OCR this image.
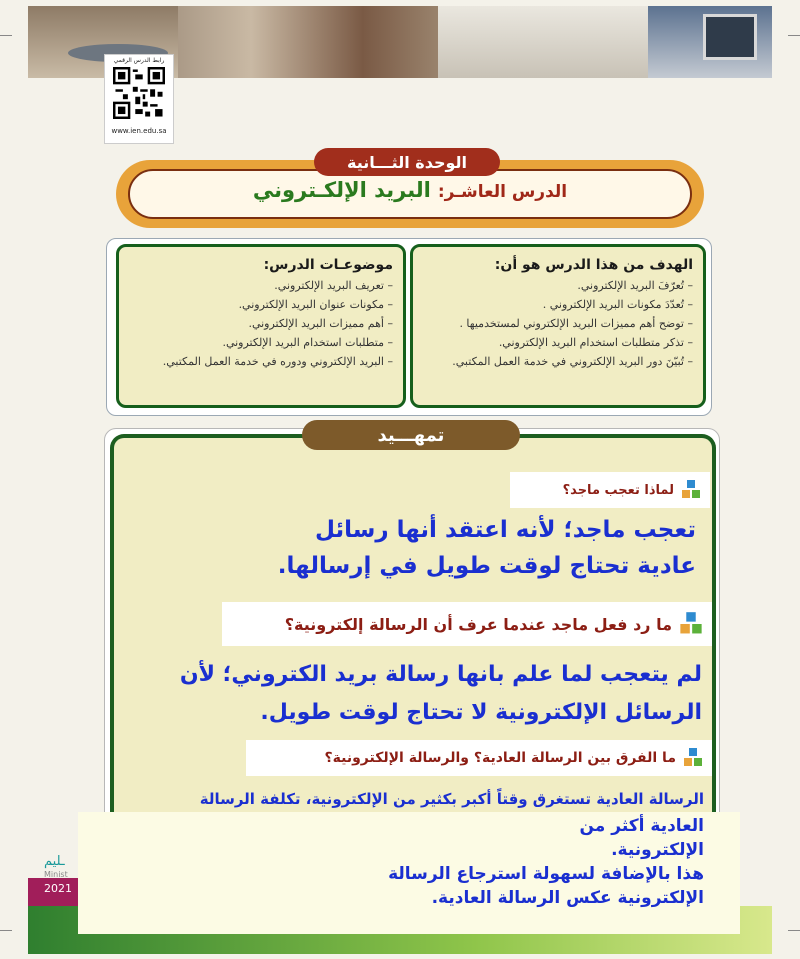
رابط الدرس الرقمي
www.ien.edu.sa
الوحدة الثـــانية
الدرس العاشـر: البريد الإلكـتروني
الهدف من هذا الدرس هو أن:
– تُعرّفَ البريد الإلكتروني.
– تُعدّدَ مكونات البريد الإلكتروني .
– توضح أهم مميزات البريد الإلكتروني لمستخدميها .
– تذكر متطلبات استخدام البريد الإلكتروني.
– تُبيّنَ دور البريد الإلكتروني في خدمة العمل المكتبي.
موضوعـات الدرس:
– تعريف البريد الإلكتروني.
– مكونات عنوان البريد الإلكتروني.
– أهم مميزات البريد الإلكتروني.
– متطلبات استخدام البريد الإلكتروني.
– البريد الإلكتروني ودوره في خدمة العمل المكتبي.
تمهـــيد
لماذا تعجب ماجد؟
تعجب ماجد؛ لأنه اعتقد أنها رسائل
عادية تحتاج لوقت طويل في إرسالها.
ما رد فعل ماجد عندما عرف أن الرسالة إلكترونية؟
لم يتعجب لما علم بانها رسالة بريد الكتروني؛ لأن
الرسائل الإلكترونية لا تحتاج لوقت طويل.
ما الفرق بين الرسالة العادية؟ والرسالة الإلكترونية؟
الرسالة العادية تستغرق وقتاً أكبر بكثير من الإلكترونية، تكلفة الرسالة
ـليم
Minist
2021
العادية أكثر من
الإلكترونية.
هذا بالإضافة لسهولة استرجاع الرسالة
الإلكترونية عكس الرسالة العادية.
